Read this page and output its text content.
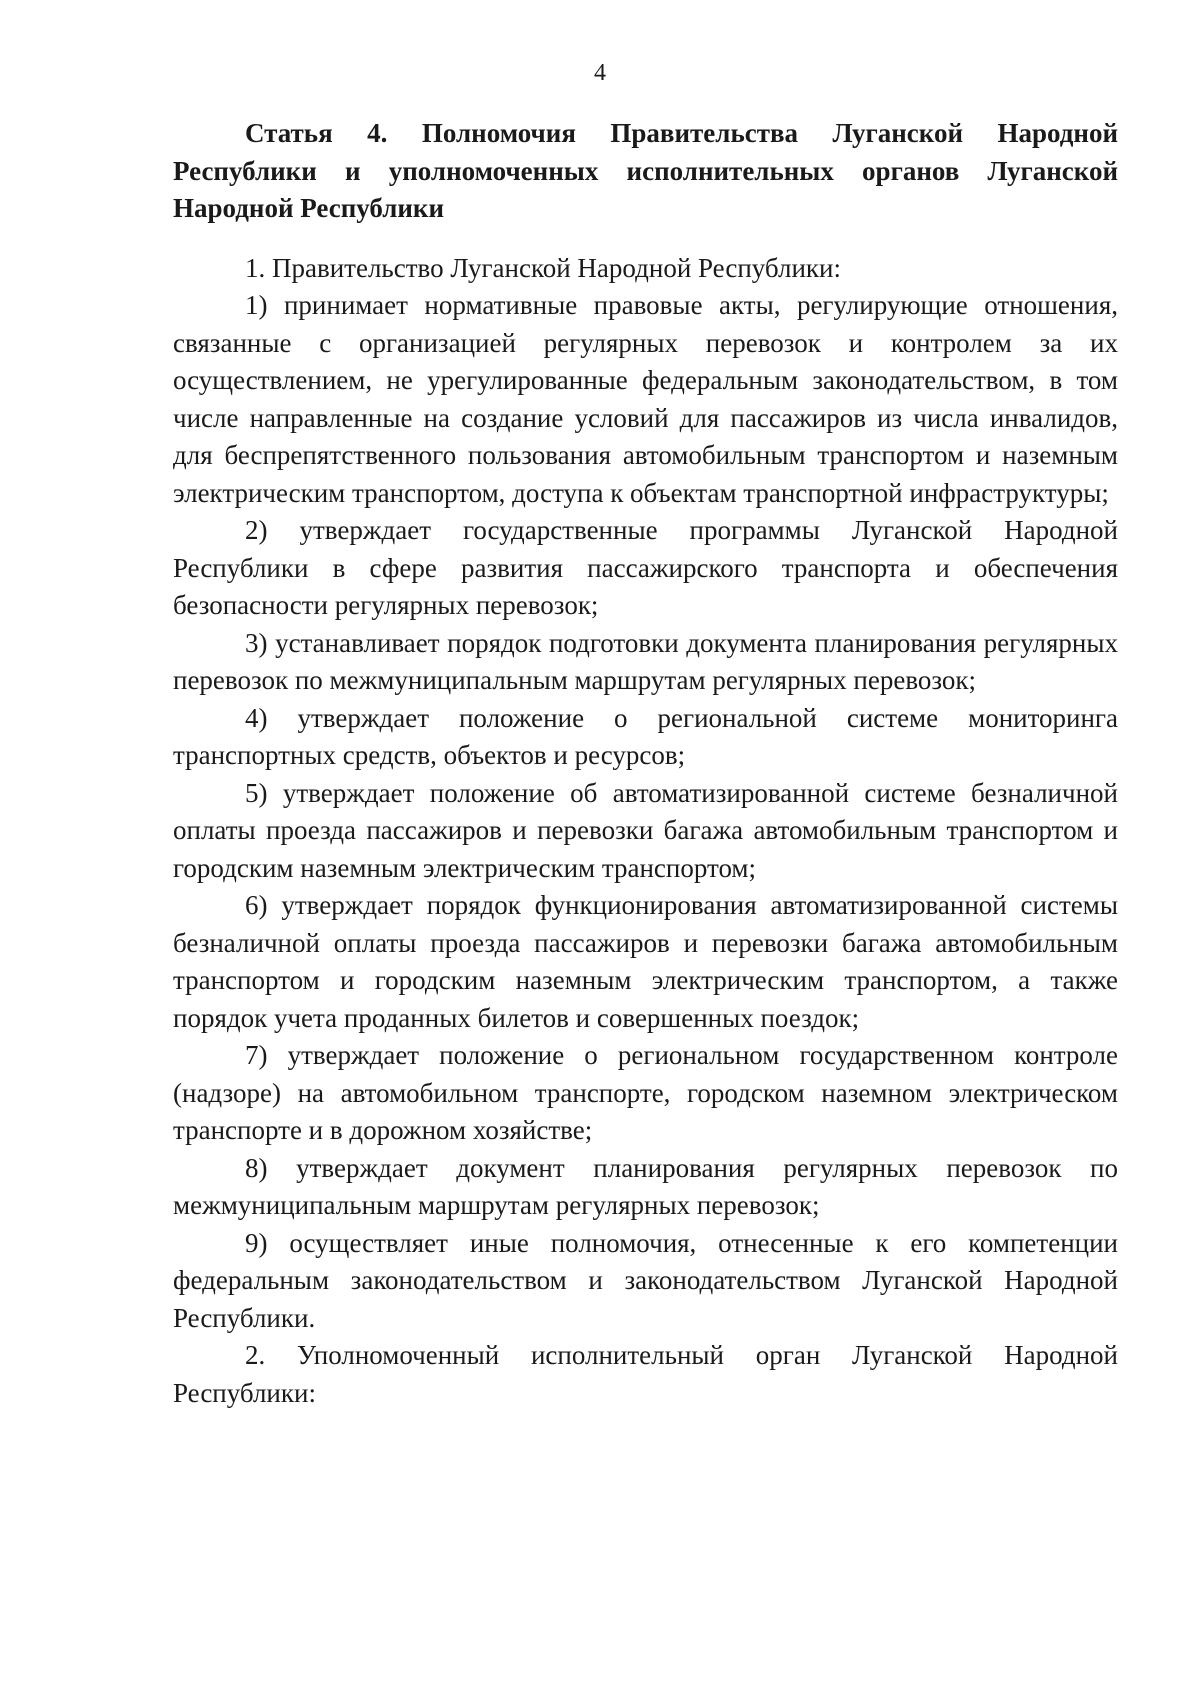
4

Статья 4. Полномочия Правительства Луганской Народной Республики и уполномоченных исполнительных органов Луганской Народной Республики

1. Правительство Луганской Народной Республики:

1) принимает нормативные правовые акты, регулирующие отношения, связанные с организацией регулярных перевозок и контролем за их осуществлением, не урегулированные федеральным законодательством, в том числе направленные на создание условий для пассажиров из числа инвалидов, для беспрепятственного пользования автомобильным транспортом и наземным электрическим транспортом, доступа к объектам транспортной инфраструктуры;

2) утверждает государственные программы Луганской Народной Республики в сфере развития пассажирского транспорта и обеспечения безопасности регулярных перевозок;

3) устанавливает порядок подготовки документа планирования регулярных перевозок по межмуниципальным маршрутам регулярных перевозок;

4) утверждает положение о региональной системе мониторинга транспортных средств, объектов и ресурсов;

5) утверждает положение об автоматизированной системе безналичной оплаты проезда пассажиров и перевозки багажа автомобильным транспортом и городским наземным электрическим транспортом;

6) утверждает порядок функционирования автоматизированной системы безналичной оплаты проезда пассажиров и перевозки багажа автомобильным транспортом и городским наземным электрическим транспортом, а также порядок учета проданных билетов и совершенных поездок;

7) утверждает положение о региональном государственном контроле (надзоре) на автомобильном транспорте, городском наземном электрическом транспорте и в дорожном хозяйстве;

8) утверждает документ планирования регулярных перевозок по межмуниципальным маршрутам регулярных перевозок;

9) осуществляет иные полномочия, отнесенные к его компетенции федеральным законодательством и законодательством Луганской Народной Республики.

2. Уполномоченный исполнительный орган Луганской Народной Республики:
